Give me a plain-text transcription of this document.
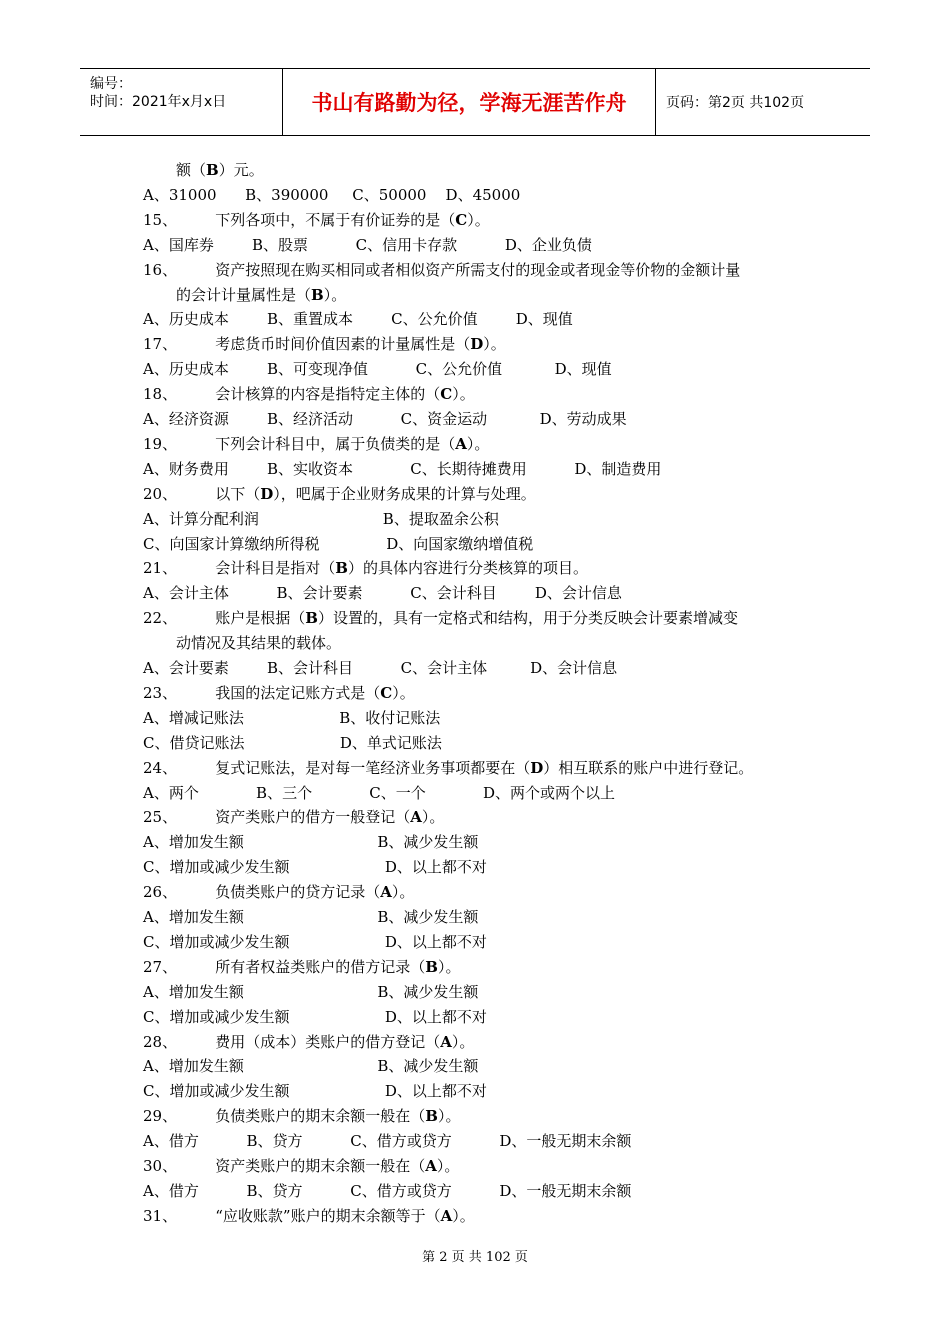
编号：
时间：2021年x月x日	书山有路勤为径，学海无涯苦作舟	页码：第2页 共102页
额（B）元。
A、31000      B、390000     C、50000    D、45000
15、        下列各项中，不属于有价证券的是（C）。
A、国库券        B、股票          C、信用卡存款          D、企业负债
16、        资产按照现在购买相同或者相似资产所需支付的现金或者现金等价物的金额计量
的会计计量属性是（B）。
A、历史成本        B、重置成本        C、公允价值        D、现值
17、        考虑货币时间价值因素的计量属性是（D）。
A、历史成本        B、可变现净值          C、公允价值           D、现值
18、        会计核算的内容是指特定主体的（C）。
A、经济资源        B、经济活动          C、资金运动           D、劳动成果
19、        下列会计科目中，属于负债类的是（A）。
A、财务费用        B、实收资本            C、长期待摊费用          D、制造费用
20、        以下（D），吧属于企业财务成果的计算与处理。
A、计算分配利润                          B、提取盈余公积
C、向国家计算缴纳所得税              D、向国家缴纳增值税
21、        会计科目是指对（B）的具体内容进行分类核算的项目。
A、会计主体          B、会计要素          C、会计科目        D、会计信息
22、        账户是根据（B）设置的，具有一定格式和结构，用于分类反映会计要素增减变
动情况及其结果的载体。
A、会计要素        B、会计科目          C、会计主体         D、会计信息
23、        我国的法定记账方式是（C）。
A、增减记账法                    B、收付记账法
C、借贷记账法                    D、单式记账法
24、        复式记账法，是对每一笔经济业务事项都要在（D）相互联系的账户中进行登记。
A、两个            B、三个            C、一个            D、两个或两个以上
25、        资产类账户的借方一般登记（A）。
A、增加发生额                            B、减少发生额
C、增加或减少发生额                    D、以上都不对
26、        负债类账户的贷方记录（A）。
A、增加发生额                            B、减少发生额
C、增加或减少发生额                    D、以上都不对
27、        所有者权益类账户的借方记录（B）。
A、增加发生额                            B、减少发生额
C、增加或减少发生额                    D、以上都不对
28、        费用（成本）类账户的借方登记（A）。
A、增加发生额                            B、减少发生额
C、增加或减少发生额                    D、以上都不对
29、        负债类账户的期末余额一般在（B）。
A、借方          B、贷方          C、借方或贷方          D、一般无期末余额
30、        资产类账户的期末余额一般在（A）。
A、借方          B、贷方          C、借方或贷方          D、一般无期末余额
31、        “应收账款”账户的期末余额等于（A）。
第 2 页 共 102 页
